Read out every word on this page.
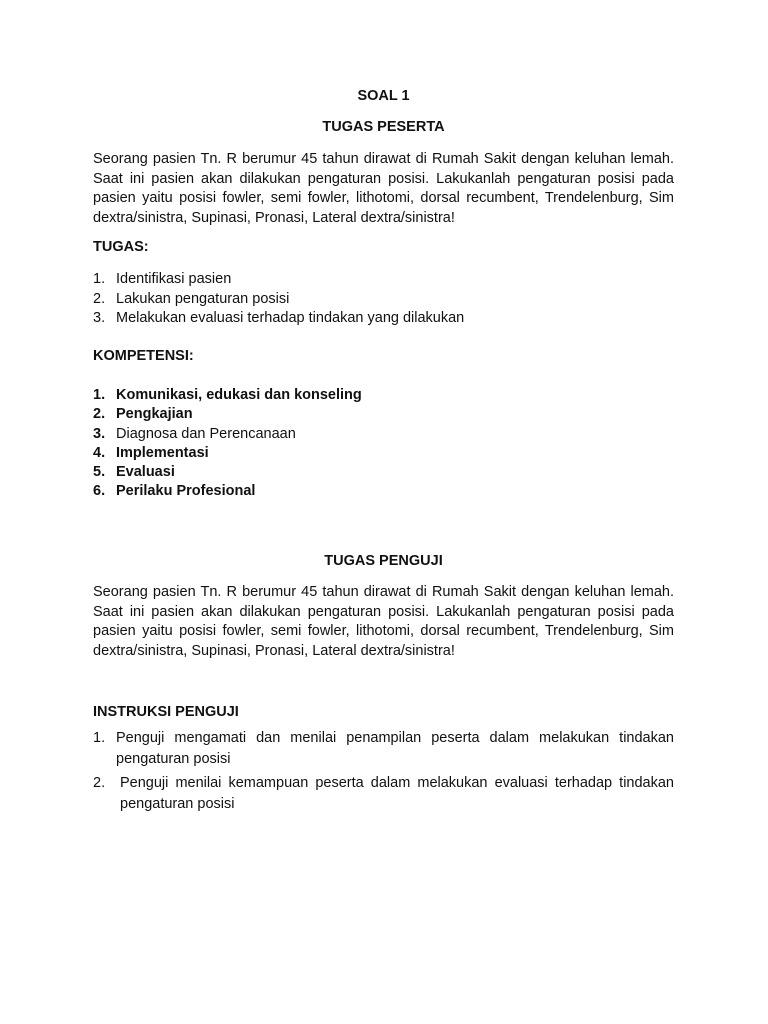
SOAL 1
TUGAS PESERTA

Seorang pasien Tn. R berumur 45 tahun dirawat di Rumah Sakit dengan keluhan lemah. Saat ini pasien akan dilakukan pengaturan posisi. Lakukanlah pengaturan posisi pada pasien yaitu posisi fowler, semi fowler, lithotomi, dorsal recumbent, Trendelenburg, Sim dextra/sinistra, Supinasi, Pronasi, Lateral dextra/sinistra!

TUGAS:
1. Identifikasi pasien
2. Lakukan pengaturan posisi
3. Melakukan evaluasi terhadap tindakan yang dilakukan
KOMPETENSI:
1. Komunikasi, edukasi dan konseling
2. Pengkajian
3. Diagnosa dan Perencanaan
4. Implementasi
5. Evaluasi
6. Perilaku Profesional
TUGAS PENGUJI

Seorang pasien Tn. R berumur 45 tahun dirawat di Rumah Sakit dengan keluhan lemah. Saat ini pasien akan dilakukan pengaturan posisi. Lakukanlah pengaturan posisi pada pasien yaitu posisi fowler, semi fowler, lithotomi, dorsal recumbent, Trendelenburg, Sim dextra/sinistra, Supinasi, Pronasi, Lateral dextra/sinistra!

INSTRUKSI PENGUJI
1. Penguji mengamati dan menilai penampilan peserta dalam melakukan tindakan pengaturan posisi
2. Penguji menilai kemampuan peserta dalam melakukan evaluasi terhadap tindakan pengaturan posisi
